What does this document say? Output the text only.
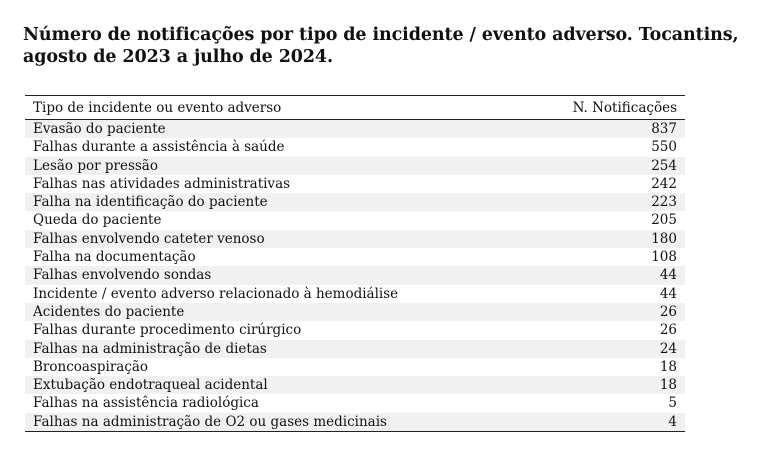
Número de notificações por tipo de incidente / evento adverso. Tocantins, agosto de 2023 a julho de 2024.
Tipo de incidente ou evento adverso	N. Notificações
Evasão do paciente	837
Falhas durante a assistência à saúde	550
Lesão por pressão	254
Falhas nas atividades administrativas	242
Falha na identificação do paciente	223
Queda do paciente	205
Falhas envolvendo cateter venoso	180
Falha na documentação	108
Falhas envolvendo sondas	44
Incidente / evento adverso relacionado à hemodiálise	44
Acidentes do paciente	26
Falhas durante procedimento cirúrgico	26
Falhas na administração de dietas	24
Broncoaspiração	18
Extubação endotraqueal acidental	18
Falhas na assistência radiológica	5
Falhas na administração de O2 ou gases medicinais	4
